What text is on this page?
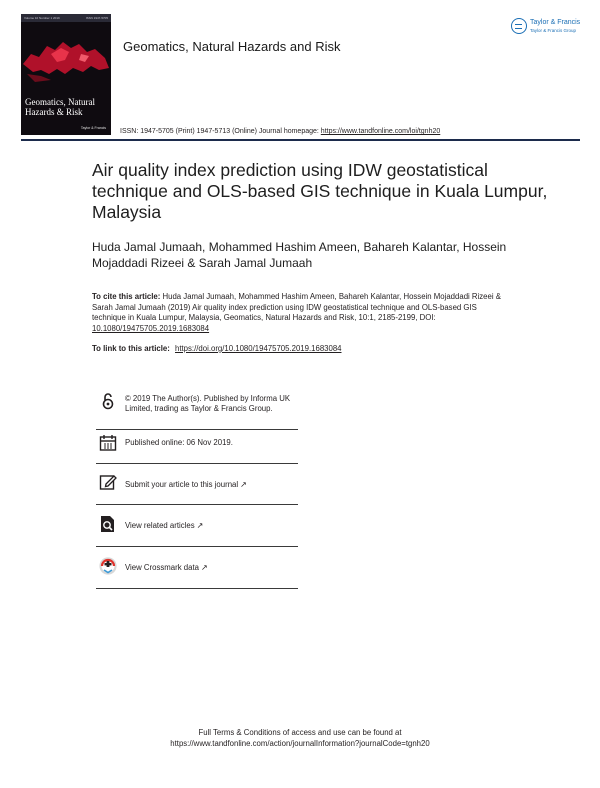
Volume 10 Number 1 2019	ISSN 1947-5705
Geomatics, Natural Hazards & Risk
Taylor & Francis
Geomatics, Natural Hazards and Risk
Taylor & Francis
Taylor & Francis Group
ISSN: 1947-5705 (Print) 1947-5713 (Online) Journal homepage: https://www.tandfonline.com/loi/tgnh20
Air quality index prediction using IDW geostatistical technique and OLS-based GIS technique in Kuala Lumpur, Malaysia
Huda Jamal Jumaah, Mohammed Hashim Ameen, Bahareh Kalantar, Hossein Mojaddadi Rizeei & Sarah Jamal Jumaah
To cite this article: Huda Jamal Jumaah, Mohammed Hashim Ameen, Bahareh Kalantar, Hossein Mojaddadi Rizeei & Sarah Jamal Jumaah (2019) Air quality index prediction using IDW geostatistical technique and OLS-based GIS technique in Kuala Lumpur, Malaysia, Geomatics, Natural Hazards and Risk, 10:1, 2185-2199, DOI: 10.1080/19475705.2019.1683084
To link to this article: https://doi.org/10.1080/19475705.2019.1683084
© 2019 The Author(s). Published by Informa UK Limited, trading as Taylor & Francis Group.
Published online: 06 Nov 2019.
Submit your article to this journal ↗
View related articles ↗
View Crossmark data ↗
Full Terms & Conditions of access and use can be found at
https://www.tandfonline.com/action/journalInformation?journalCode=tgnh20
